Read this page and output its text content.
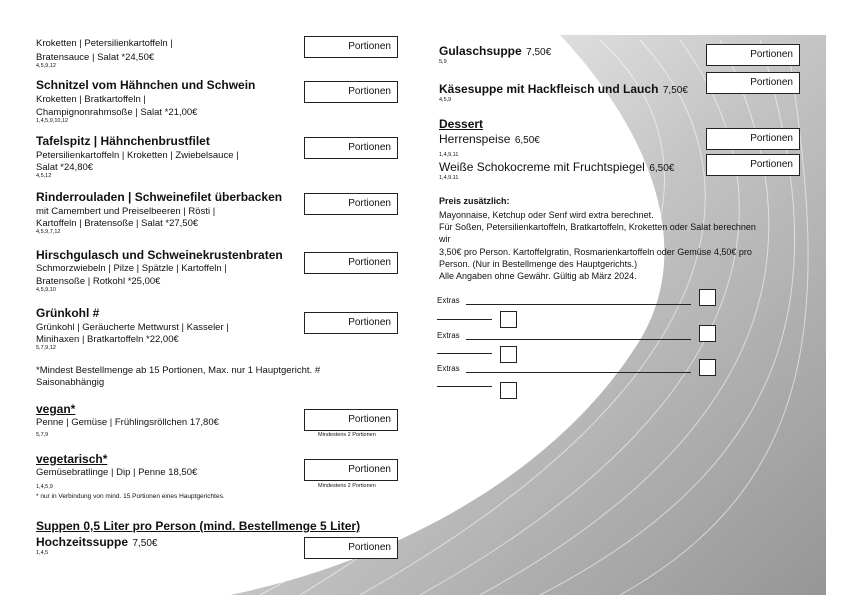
Kroketten | Petersilienkartoffeln |
Bratensauce | Salat *24,50€
4,5,9,12
Portionen
Schnitzel vom Hähnchen und Schwein
Kroketten | Bratkartoffeln |
Champignonrahmsoße | Salat *21,00€
1,4,5,9,10,12
Portionen
Tafelspitz | Hähnchenbrustfilet
Petersilienkartoffeln | Kroketten | Zwiebelsauce |
Salat *24,80€
4,5,12
Portionen
Rinderrouladen | Schweinefilet überbacken
mit Camembert und Preiselbeeren | Rösti |
Kartoffeln | Bratensoße | Salat *27,50€
4,5,9,7,12
Portionen
Hirschgulasch und Schweinekrustenbraten
Schmorzwiebeln | Pilze | Spätzle | Kartoffeln |
Bratensoße | Rotkohl *25,00€
4,5,9,10
Portionen
Grünkohl #
Grünkohl | Geräucherte Mettwurst | Kasseler |
Minihaxen | Bratkartoffeln *22,00€
5,7,9,12
Portionen
*Mindest Bestellmenge ab 15 Portionen, Max. nur 1 Hauptgericht. #
Saisonabhängig
vegan*
Penne | Gemüse | Frühlingsröllchen 17,80€
5,7,9
Portionen
Mindestens 2 Portionen
vegetarisch*
Gemüsebratlinge | Dip | Penne 18,50€
1,4,5,9
Portionen
Mindestens 2 Portionen
* nur in Verbindung von mind. 15 Portionen eines Hauptgerichtes.
Suppen 0,5 Liter pro Person (mind. Bestellmenge 5 Liter)
Hochzeitssuppe 7,50€
1,4,5	Portionen
Gulaschsuppe 7,50€
5,9
Portionen
Käsesuppe mit Hackfleisch und Lauch 7,50€
4,5,9
Portionen
Dessert
Herrenspeise 6,50€
1,4,9,11
Portionen
Weiße Schokocreme mit Fruchtspiegel 6,50€
1,4,9,11
Portionen
Preis zusätzlich:
Mayonnaise, Ketchup oder Senf wird extra berechnet.
Für Soßen, Petersilienkartoffeln, Bratkartoffeln, Kroketten oder Salat berechnen
wir
3,50€ pro Person. Kartoffelgratin, Rosmarienkartoffeln oder Gemüse 4,50€ pro
Person. (Nur in Bestellmenge des Hauptgerichts.)
Alle Angaben ohne Gewähr. Gültig ab März 2024.
Extras
Extras
Extras
